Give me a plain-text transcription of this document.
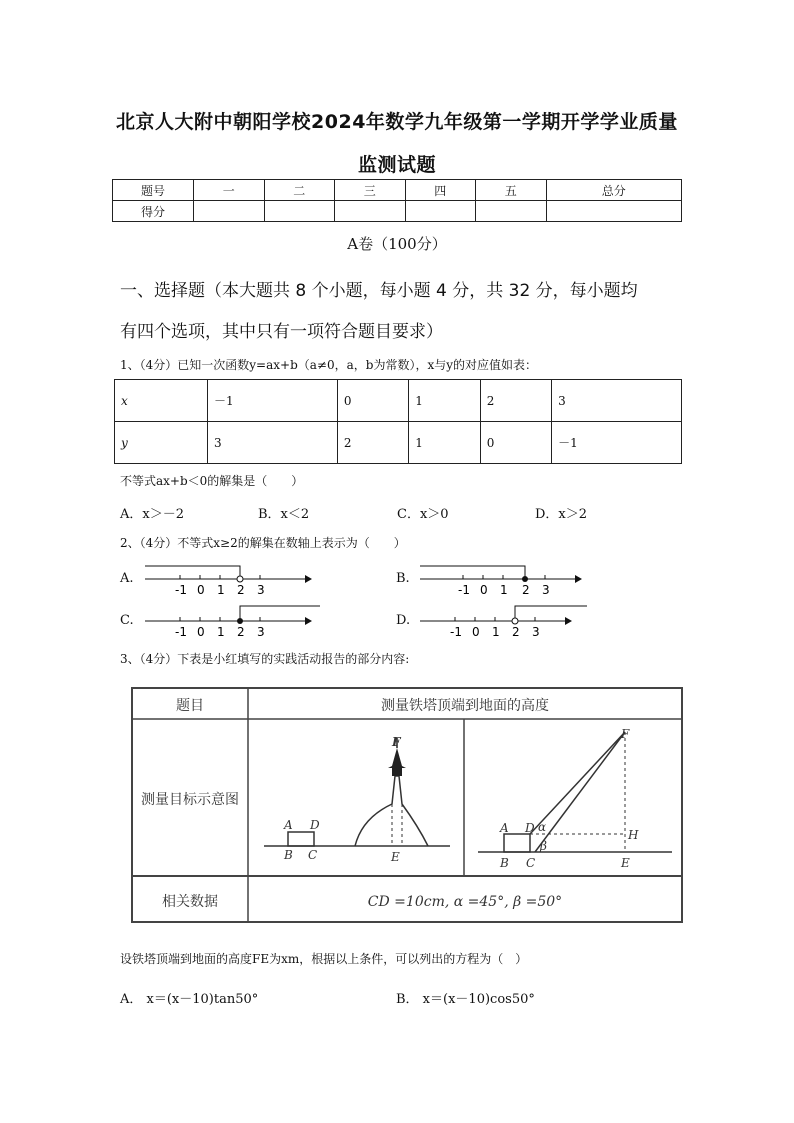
北京人大附中朝阳学校2024年数学九年级第一学期开学学业质量
监测试题
题号	一	二	三	四	五	总分
得分						
A卷（100分）
一、选择题（本大题共 8 个小题，每小题 4 分，共 32 分，每小题均
有四个选项，其中只有一项符合题目要求）
1、（4分）已知一次函数y=ax+b（a≠0，a，b为常数），x与y的对应值如表：
x	－1	0	1	2	3
y	3	2	1	0	－1
不等式ax+b＜0的解集是（　　）
A．x＞－2	B．x＜2	C．x＞0	D．x＞2
2、（4分）不等式x≥2的解集在数轴上表示为（　　）
A.	B.
C.	D.
-1 0 1 2 3	-1 0 1 2 3
-1 0 1 2 3	-1 0 1 2 3
3、（4分）下表是小红填写的实践活动报告的部分内容:
题目	测量铁塔顶端到地面的高度
测量目标示意图
相关数据	CD =10cm, α =45°, β =50°
F
A D
B C	E
F
A D
B C	E
H
α
β
设铁塔顶端到地面的高度FE为xm，根据以上条件，可以列出的方程为（　）
A． x＝(x－10)tan50°	B． x＝(x－10)cos50°
